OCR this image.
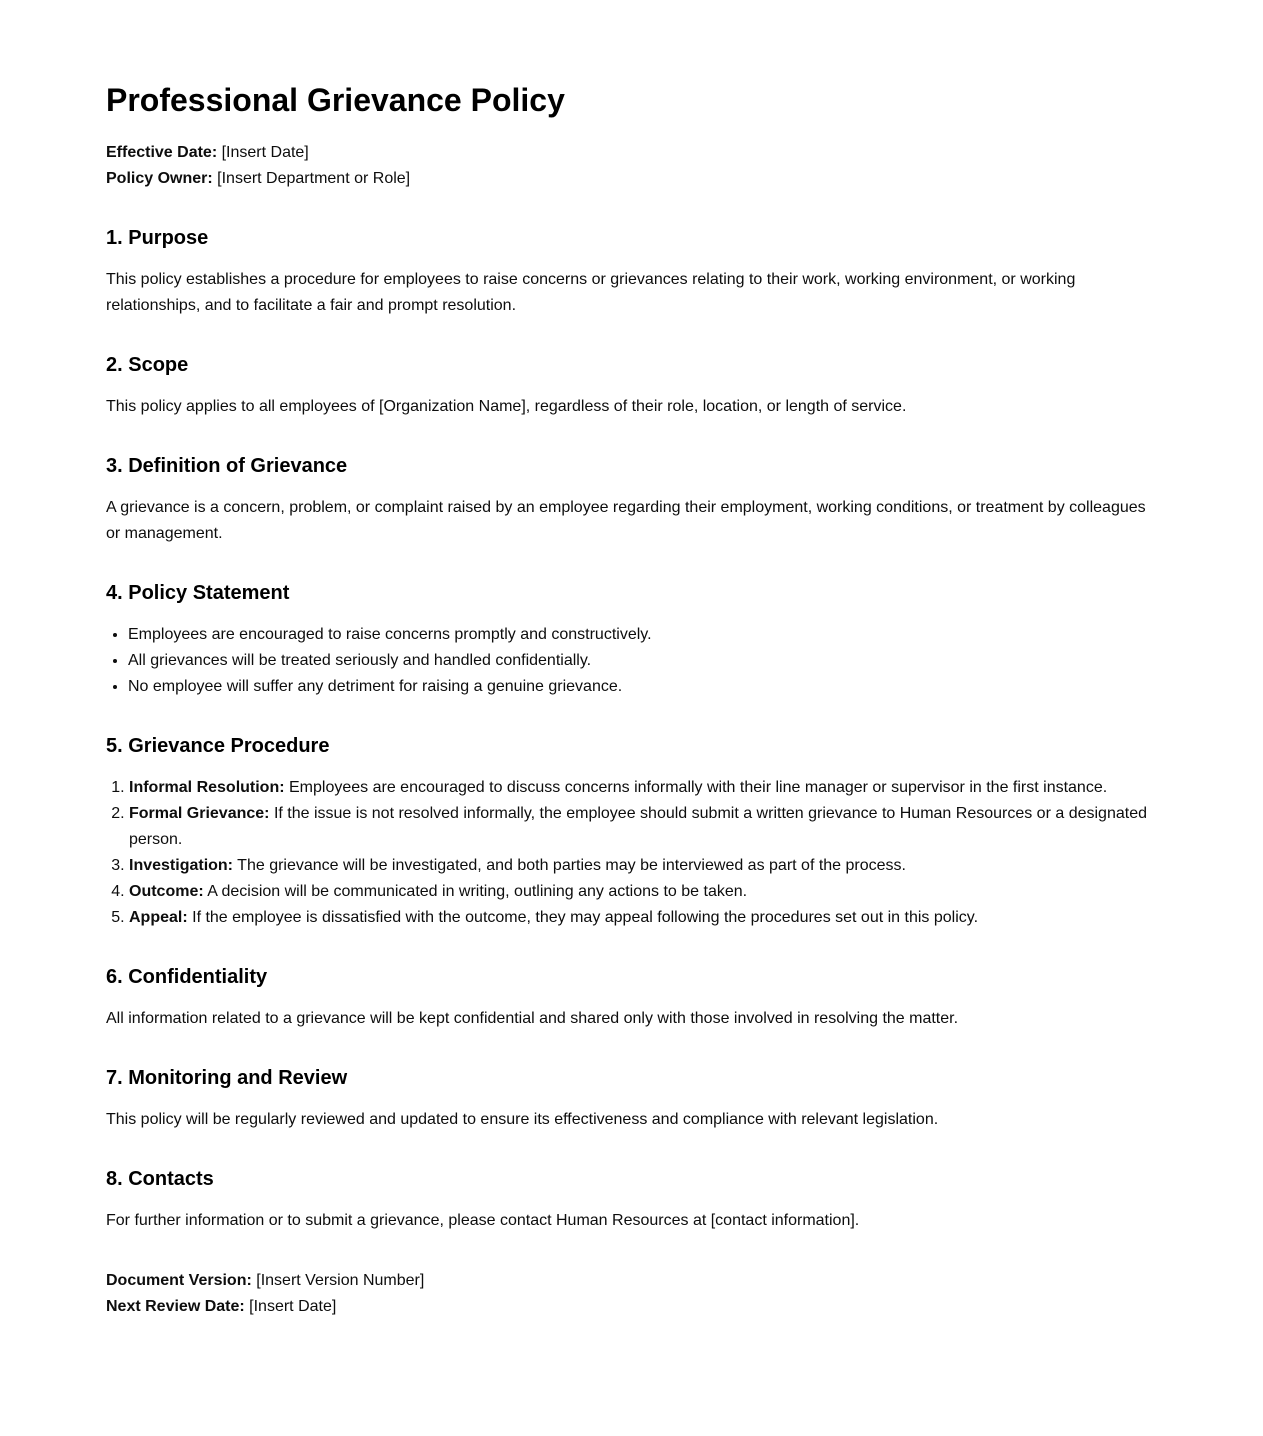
Professional Grievance Policy
Effective Date: [Insert Date]
Policy Owner: [Insert Department or Role]
1. Purpose

This policy establishes a procedure for employees to raise concerns or grievances relating to their work, working environment, or working relationships, and to facilitate a fair and prompt resolution.

2. Scope

This policy applies to all employees of [Organization Name], regardless of their role, location, or length of service.

3. Definition of Grievance

A grievance is a concern, problem, or complaint raised by an employee regarding their employment, working conditions, or treatment by colleagues or management.

4. Policy Statement
• Employees are encouraged to raise concerns promptly and constructively.
• All grievances will be treated seriously and handled confidentially.
• No employee will suffer any detriment for raising a genuine grievance.
5. Grievance Procedure
1. Informal Resolution: Employees are encouraged to discuss concerns informally with their line manager or supervisor in the first instance.
2. Formal Grievance: If the issue is not resolved informally, the employee should submit a written grievance to Human Resources or a designated person.
3. Investigation: The grievance will be investigated, and both parties may be interviewed as part of the process.
4. Outcome: A decision will be communicated in writing, outlining any actions to be taken.
5. Appeal: If the employee is dissatisfied with the outcome, they may appeal following the procedures set out in this policy.
6. Confidentiality

All information related to a grievance will be kept confidential and shared only with those involved in resolving the matter.

7. Monitoring and Review

This policy will be regularly reviewed and updated to ensure its effectiveness and compliance with relevant legislation.

8. Contacts

For further information or to submit a grievance, please contact Human Resources at [contact information].

Document Version: [Insert Version Number]
Next Review Date: [Insert Date]
